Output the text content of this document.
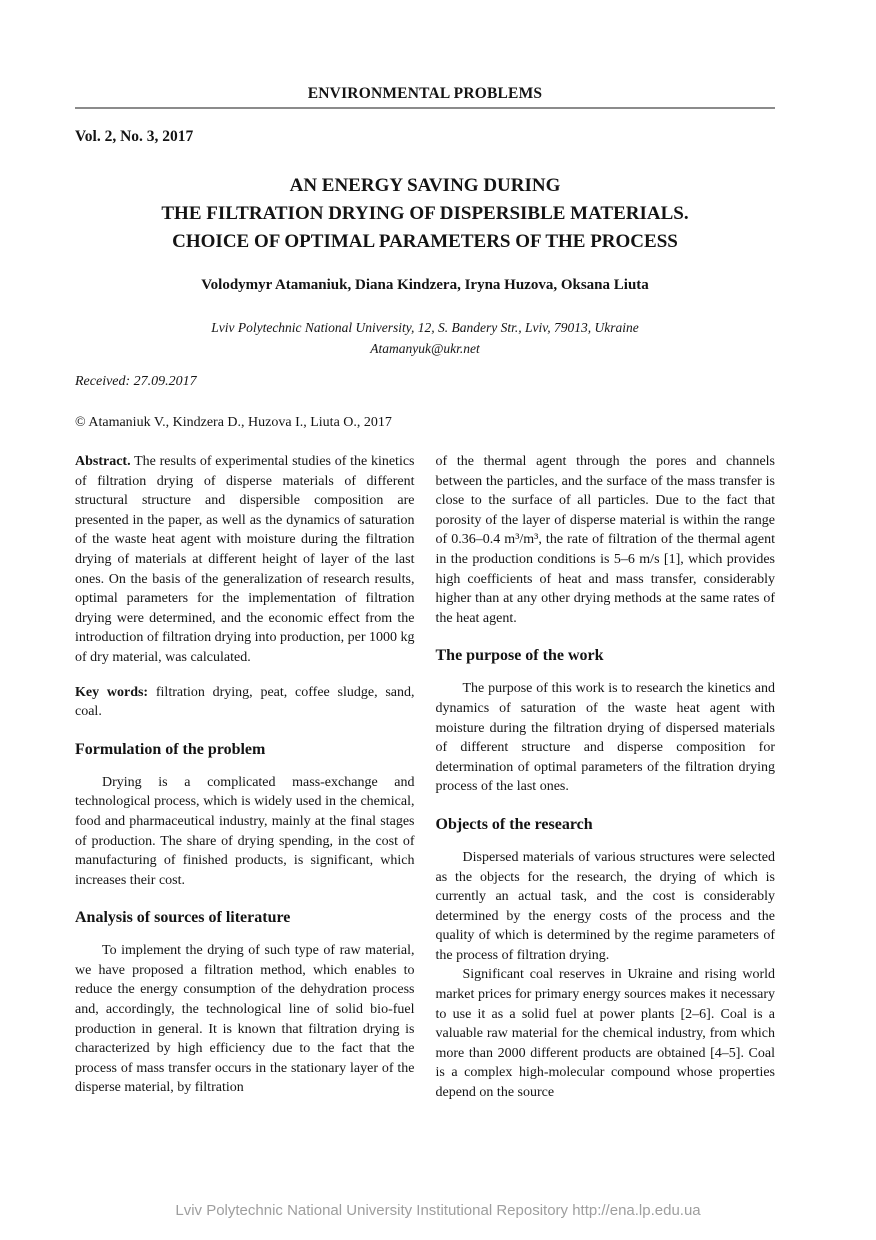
ENVIRONMENTAL PROBLEMS
Vol. 2, No. 3, 2017
AN ENERGY SAVING DURING
THE FILTRATION DRYING OF DISPERSIBLE MATERIALS.
CHOICE OF OPTIMAL PARAMETERS OF THE PROCESS
Volodymyr Atamaniuk, Diana Kindzera, Iryna Huzova, Oksana Liuta
Lviv Polytechnic National University, 12, S. Bandery Str., Lviv, 79013, Ukraine
Atamanyuk@ukr.net
Received: 27.09.2017
© Atamaniuk V., Kindzera D., Huzova I., Liuta O., 2017

Abstract. The results of experimental studies of the kinetics of filtration drying of disperse materials of different structural structure and dispersible composition are presented in the paper, as well as the dynamics of saturation of the waste heat agent with moisture during the filtration drying of materials at different height of layer of the last ones. On the basis of the generalization of research results, optimal parameters for the implementation of filtration drying were determined, and the economic effect from the introduction of filtration drying into production, per 1000 kg of dry material, was calculated.

Key words: filtration drying, peat, coffee sludge, sand, coal.

Formulation of the problem

Drying is a complicated mass-exchange and technological process, which is widely used in the chemical, food and pharmaceutical industry, mainly at the final stages of production. The share of drying spending, in the cost of manufacturing of finished products, is significant, which increases their cost.

Analysis of sources of literature

To implement the drying of such type of raw material, we have proposed a filtration method, which enables to reduce the energy consumption of the dehydration process and, accordingly, the technological line of solid bio-fuel production in general. It is known that filtration drying is characterized by high efficiency due to the fact that the process of mass transfer occurs in the stationary layer of the disperse material, by filtration

of the thermal agent through the pores and channels between the particles, and the surface of the mass transfer is close to the surface of all particles. Due to the fact that porosity of the layer of disperse material is within the range of 0.36–0.4 m³/m³, the rate of filtration of the thermal agent in the production conditions is 5–6 m/s [1], which provides high coefficients of heat and mass transfer, considerably higher than at any other drying methods at the same rates of the heat agent.

The purpose of the work

The purpose of this work is to research the kinetics and dynamics of saturation of the waste heat agent with moisture during the filtration drying of dispersed materials of different structure and disperse composition for determination of optimal parameters of the filtration drying process of the last ones.

Objects of the research

Dispersed materials of various structures were selected as the objects for the research, the drying of which is currently an actual task, and the cost is considerably determined by the energy costs of the process and the quality of which is determined by the regime parameters of the process of filtration drying.

Significant coal reserves in Ukraine and rising world market prices for primary energy sources makes it necessary to use it as a solid fuel at power plants [2–6]. Coal is a valuable raw material for the chemical industry, from which more than 2000 different products are obtained [4–5]. Coal is a complex high-molecular compound whose properties depend on the source

Lviv Polytechnic National University Institutional Repository http://ena.lp.edu.ua
